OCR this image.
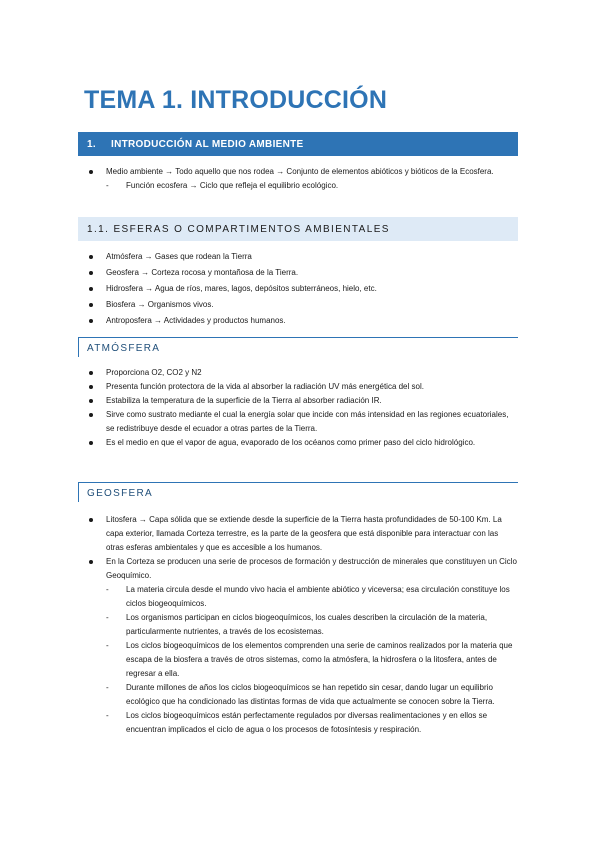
TEMA 1. INTRODUCCIÓN
1.	INTRODUCCIÓN AL MEDIO AMBIENTE
Medio ambiente → Todo aquello que nos rodea → Conjunto de elementos abióticos y bióticos de la Ecosfera.
- Función ecosfera → Ciclo que refleja el equilibrio ecológico.
1.1. ESFERAS O COMPARTIMENTOS AMBIENTALES
Atmósfera → Gases que rodean la Tierra
Geosfera → Corteza rocosa y montañosa de la Tierra.
Hidrosfera → Agua de ríos, mares, lagos, depósitos subterráneos, hielo, etc.
Biosfera → Organismos vivos.
Antroposfera → Actividades y productos humanos.
ATMÓSFERA
Proporciona O2, CO2 y N2
Presenta función protectora de la vida al absorber la radiación UV más energética del sol.
Estabiliza la temperatura de la superficie de la Tierra al absorber radiación IR.
Sirve como sustrato mediante el cual la energía solar que incide con más intensidad en las regiones ecuatoriales, se redistribuye desde el ecuador a otras partes de la Tierra.
Es el medio en que el vapor de agua, evaporado de los océanos como primer paso del ciclo hidrológico.
GEOSFERA
Litosfera → Capa sólida que se extiende desde la superficie de la Tierra hasta profundidades de 50-100 Km. La capa exterior, llamada Corteza terrestre, es la parte de la geosfera que está disponible para interactuar con las otras esferas ambientales y que es accesible a los humanos.
En la Corteza se producen una serie de procesos de formación y destrucción de minerales que constituyen un Ciclo Geoquímico.
- La materia circula desde el mundo vivo hacia el ambiente abiótico y viceversa; esa circulación constituye los ciclos biogeoquímicos.
- Los organismos participan en ciclos biogeoquímicos, los cuales describen la circulación de la materia, particularmente nutrientes, a través de los ecosistemas.
- Los ciclos biogeoquímicos de los elementos comprenden una serie de caminos realizados por la materia que escapa de la biosfera a través de otros sistemas, como la atmósfera, la hidrosfera o la litosfera, antes de regresar a ella.
- Durante millones de años los ciclos biogeoquímicos se han repetido sin cesar, dando lugar un equilibrio ecológico que ha condicionado las distintas formas de vida que actualmente se conocen sobre la Tierra.
- Los ciclos biogeoquímicos están perfectamente regulados por diversas realimentaciones y en ellos se encuentran implicados el ciclo de agua o los procesos de fotosíntesis y respiración.
